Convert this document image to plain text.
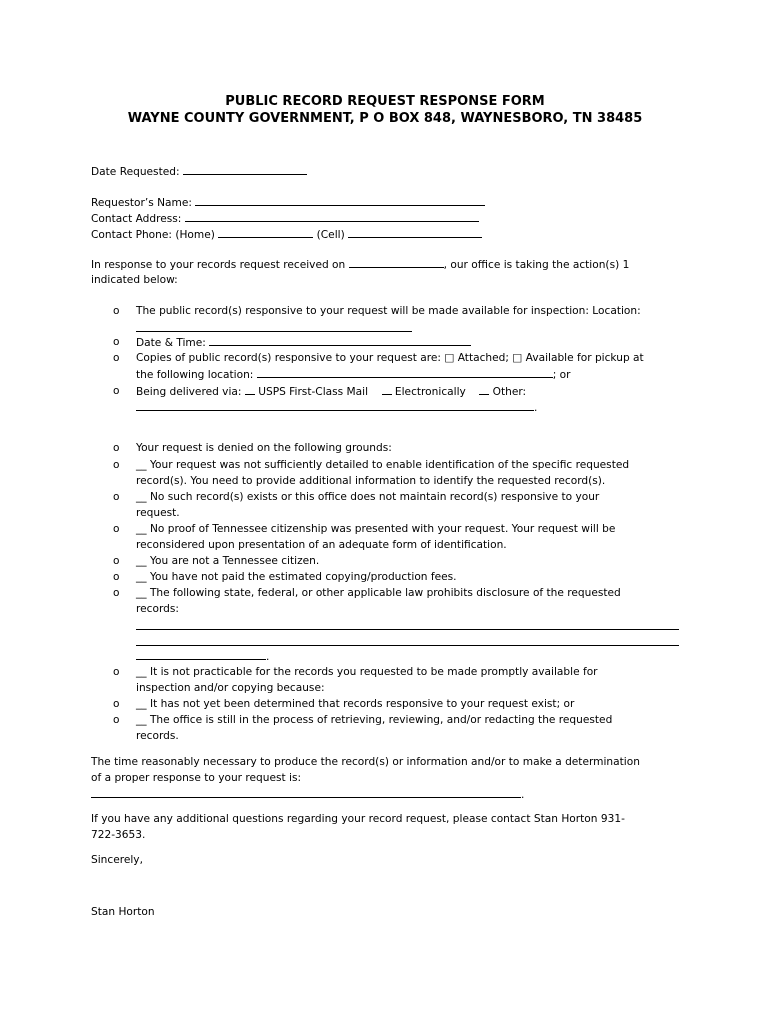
PUBLIC RECORD REQUEST RESPONSE FORM
WAYNE COUNTY GOVERNMENT, P O BOX 848, WAYNESBORO, TN 38485
Date Requested:
Requestor’s Name:
Contact Address:
Contact Phone: (Home)	(Cell)
In response to your records request received on	, our office is taking the action(s) 1
indicated below:
o The public record(s) responsive to your request will be made available for inspection: Location:
o Date & Time:
o Copies of public record(s) responsive to your request are: □ Attached; □ Available for pickup at
the following location:	; or
o Being delivered via: USPS First-Class Mail	Electronically	Other:
.
o Your request is denied on the following grounds:
o __ Your request was not sufficiently detailed to enable identification of the specific requested
record(s). You need to provide additional information to identify the requested record(s).
o __ No such record(s) exists or this office does not maintain record(s) responsive to your
request.
o __ No proof of Tennessee citizenship was presented with your request. Your request will be
reconsidered upon presentation of an adequate form of identification.
o __ You are not a Tennessee citizen.
o __ You have not paid the estimated copying/production fees.
o __ The following state, federal, or other applicable law prohibits disclosure of the requested
records:
.
o __ It is not practicable for the records you requested to be made promptly available for
inspection and/or copying because:
o __ It has not yet been determined that records responsive to your request exist; or
o __ The office is still in the process of retrieving, reviewing, and/or redacting the requested
records.
The time reasonably necessary to produce the record(s) or information and/or to make a determination
of a proper response to your request is:
.
If you have any additional questions regarding your record request, please contact Stan Horton 931-
722-3653.
Sincerely,
Stan Horton
